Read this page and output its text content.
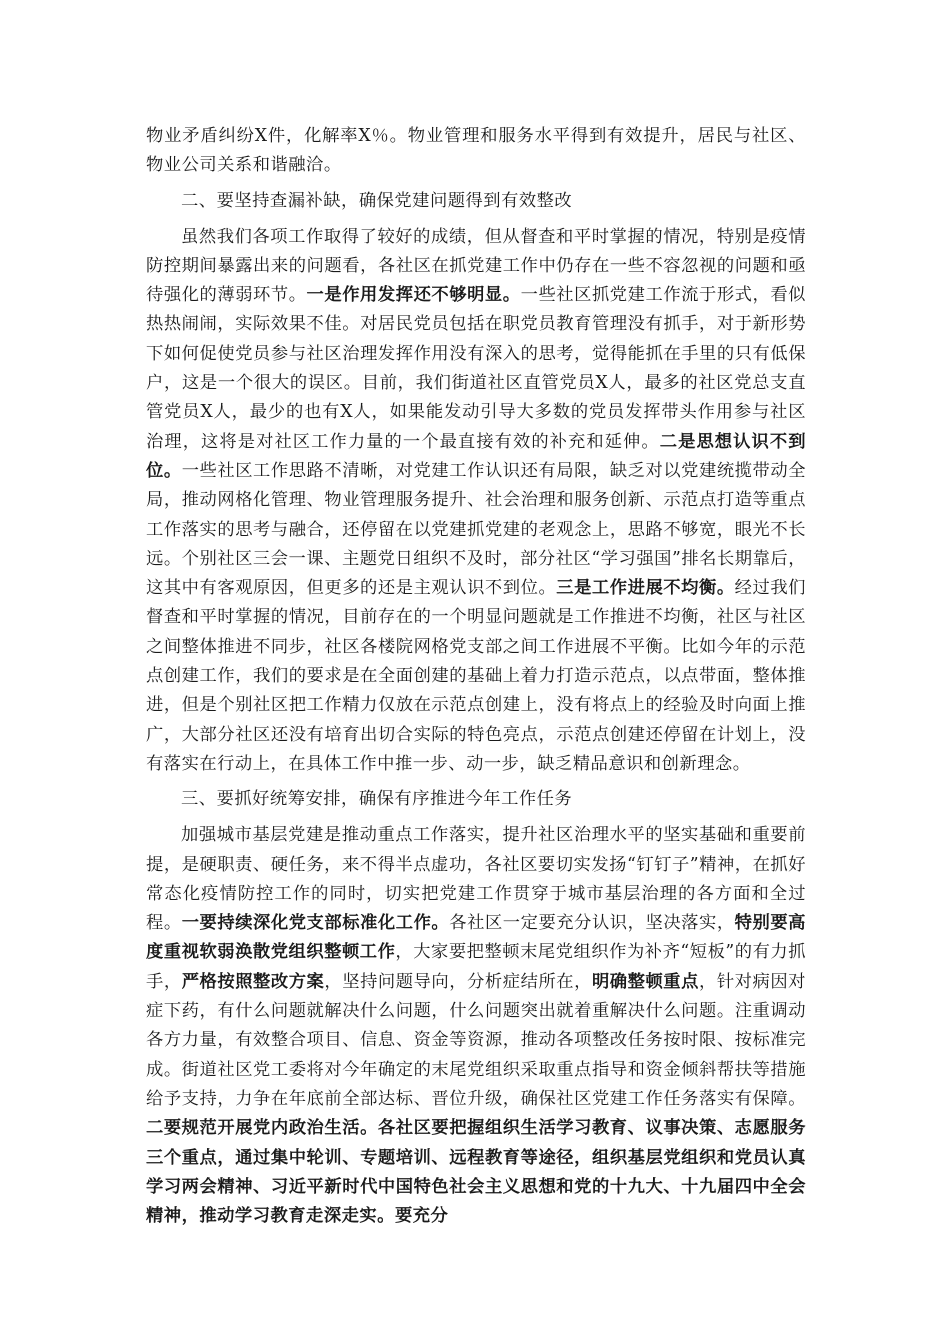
物业矛盾纠纷X件，化解率X％。物业管理和服务水平得到有效提升，居民与社区、物业公司关系和谐融洽。

二、要坚持查漏补缺，确保党建问题得到有效整改

虽然我们各项工作取得了较好的成绩，但从督查和平时掌握的情况，特别是疫情防控期间暴露出来的问题看，各社区在抓党建工作中仍存在一些不容忽视的问题和亟待强化的薄弱环节。一是作用发挥还不够明显。一些社区抓党建工作流于形式，看似热热闹闹，实际效果不佳。对居民党员包括在职党员教育管理没有抓手，对于新形势下如何促使党员参与社区治理发挥作用没有深入的思考，觉得能抓在手里的只有低保户，这是一个很大的误区。目前，我们街道社区直管党员X人，最多的社区党总支直管党员X人，最少的也有X人，如果能发动引导大多数的党员发挥带头作用参与社区治理，这将是对社区工作力量的一个最直接有效的补充和延伸。二是思想认识不到位。一些社区工作思路不清晰，对党建工作认识还有局限，缺乏对以党建统揽带动全局，推动网格化管理、物业管理服务提升、社会治理和服务创新、示范点打造等重点工作落实的思考与融合，还停留在以党建抓党建的老观念上，思路不够宽，眼光不长远。个别社区三会一课、主题党日组织不及时，部分社区“学习强国”排名长期靠后，这其中有客观原因，但更多的还是主观认识不到位。三是工作进展不均衡。经过我们督查和平时掌握的情况，目前存在的一个明显问题就是工作推进不均衡，社区与社区之间整体推进不同步，社区各楼院网格党支部之间工作进展不平衡。比如今年的示范点创建工作，我们的要求是在全面创建的基础上着力打造示范点，以点带面，整体推进，但是个别社区把工作精力仅放在示范点创建上，没有将点上的经验及时向面上推广，大部分社区还没有培育出切合实际的特色亮点，示范点创建还停留在计划上，没有落实在行动上，在具体工作中推一步、动一步，缺乏精品意识和创新理念。

三、要抓好统筹安排，确保有序推进今年工作任务

加强城市基层党建是推动重点工作落实，提升社区治理水平的坚实基础和重要前提，是硬职责、硬任务，来不得半点虚功，各社区要切实发扬“钉钉子”精神，在抓好常态化疫情防控工作的同时，切实把党建工作贯穿于城市基层治理的各方面和全过程。一要持续深化党支部标准化工作。各社区一定要充分认识，坚决落实，特别要高度重视软弱涣散党组织整顿工作，大家要把整顿末尾党组织作为补齐“短板”的有力抓手，严格按照整改方案，坚持问题导向，分析症结所在，明确整顿重点，针对病因对症下药，有什么问题就解决什么问题，什么问题突出就着重解决什么问题。注重调动各方力量，有效整合项目、信息、资金等资源，推动各项整改任务按时限、按标准完成。街道社区党工委将对今年确定的末尾党组织采取重点指导和资金倾斜帮扶等措施给予支持，力争在年底前全部达标、晋位升级，确保社区党建工作任务落实有保障。二要规范开展党内政治生活。各社区要把握组织生活学习教育、议事决策、志愿服务三个重点，通过集中轮训、专题培训、远程教育等途径，组织基层党组织和党员认真学习两会精神、习近平新时代中国特色社会主义思想和党的十九大、十九届四中全会精神，推动学习教育走深走实。要充分
